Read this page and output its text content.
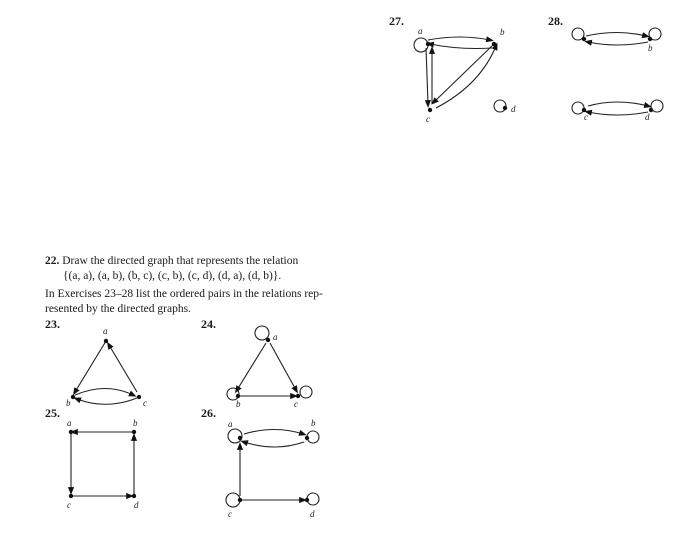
27.	28.
22. Draw the directed graph that represents the relation
{(a, a), (a, b), (b, c), (c, b), (c, d), (d, a), (d, b)}.
In Exercises 23–28 list the ordered pairs in the relations rep-
resented by the directed graphs.
23.	24.
25.	26.
a	b
c
d
b
c	d
a
b	c
a
b	c
a	b
c	d
a	b
c	d
